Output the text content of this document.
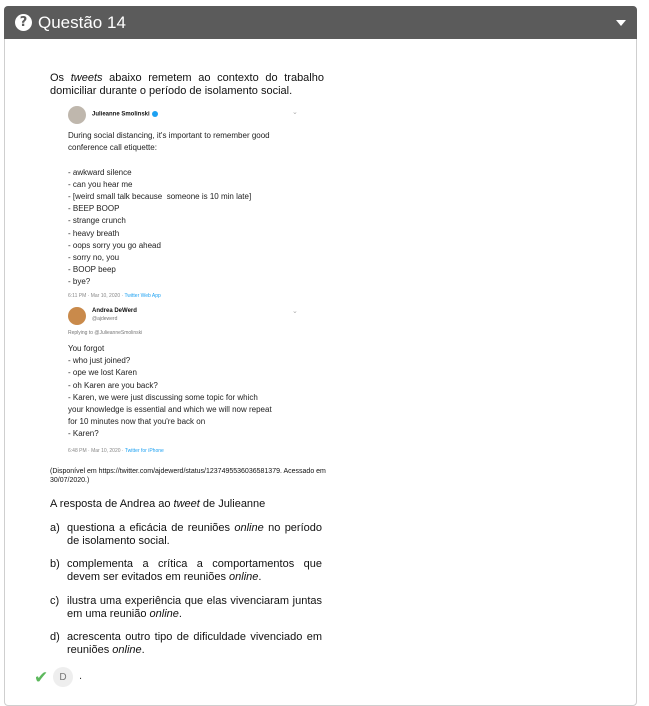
? Questão 14
Os tweets abaixo remetem ao contexto do trabalho domiciliar durante o período de isolamento social.
Julieanne Smolinski	⌄
During social distancing, it's important to remember good
conference call etiquette:

- awkward silence
- can you hear me
- [weird small talk because  someone is 10 min late]
- BEEP BOOP
- strange crunch
- heavy breath
- oops sorry you go ahead
- sorry no, you
- BOOP beep
- bye?
6:11 PM · Mar 10, 2020 · Twitter Web App
Andrea DeWerd
@ajdewerd
⌄
Replying to @JulieanneSmolinski
You forgot
- who just joined?
- ope we lost Karen
- oh Karen are you back?
- Karen, we were just discussing some topic for which
your knowledge is essential and which we will now repeat
for 10 minutes now that you're back on
- Karen?
6:48 PM · Mar 10, 2020 · Twitter for iPhone
(Disponível em https://twitter.com/ajdewerd/status/1237495536036581379. Acessado em 30/07/2020.)
A resposta de Andrea ao tweet de Julieanne
a) questiona a eficácia de reuniões online no período de isolamento social.
b) complementa a crítica a comportamentos que devem ser evitados em reuniões online.
c) ilustra uma experiência que elas vivenciaram juntas em uma reunião online.
d) acrescenta outro tipo de dificuldade vivenciado em reuniões online.
✔	D	.
